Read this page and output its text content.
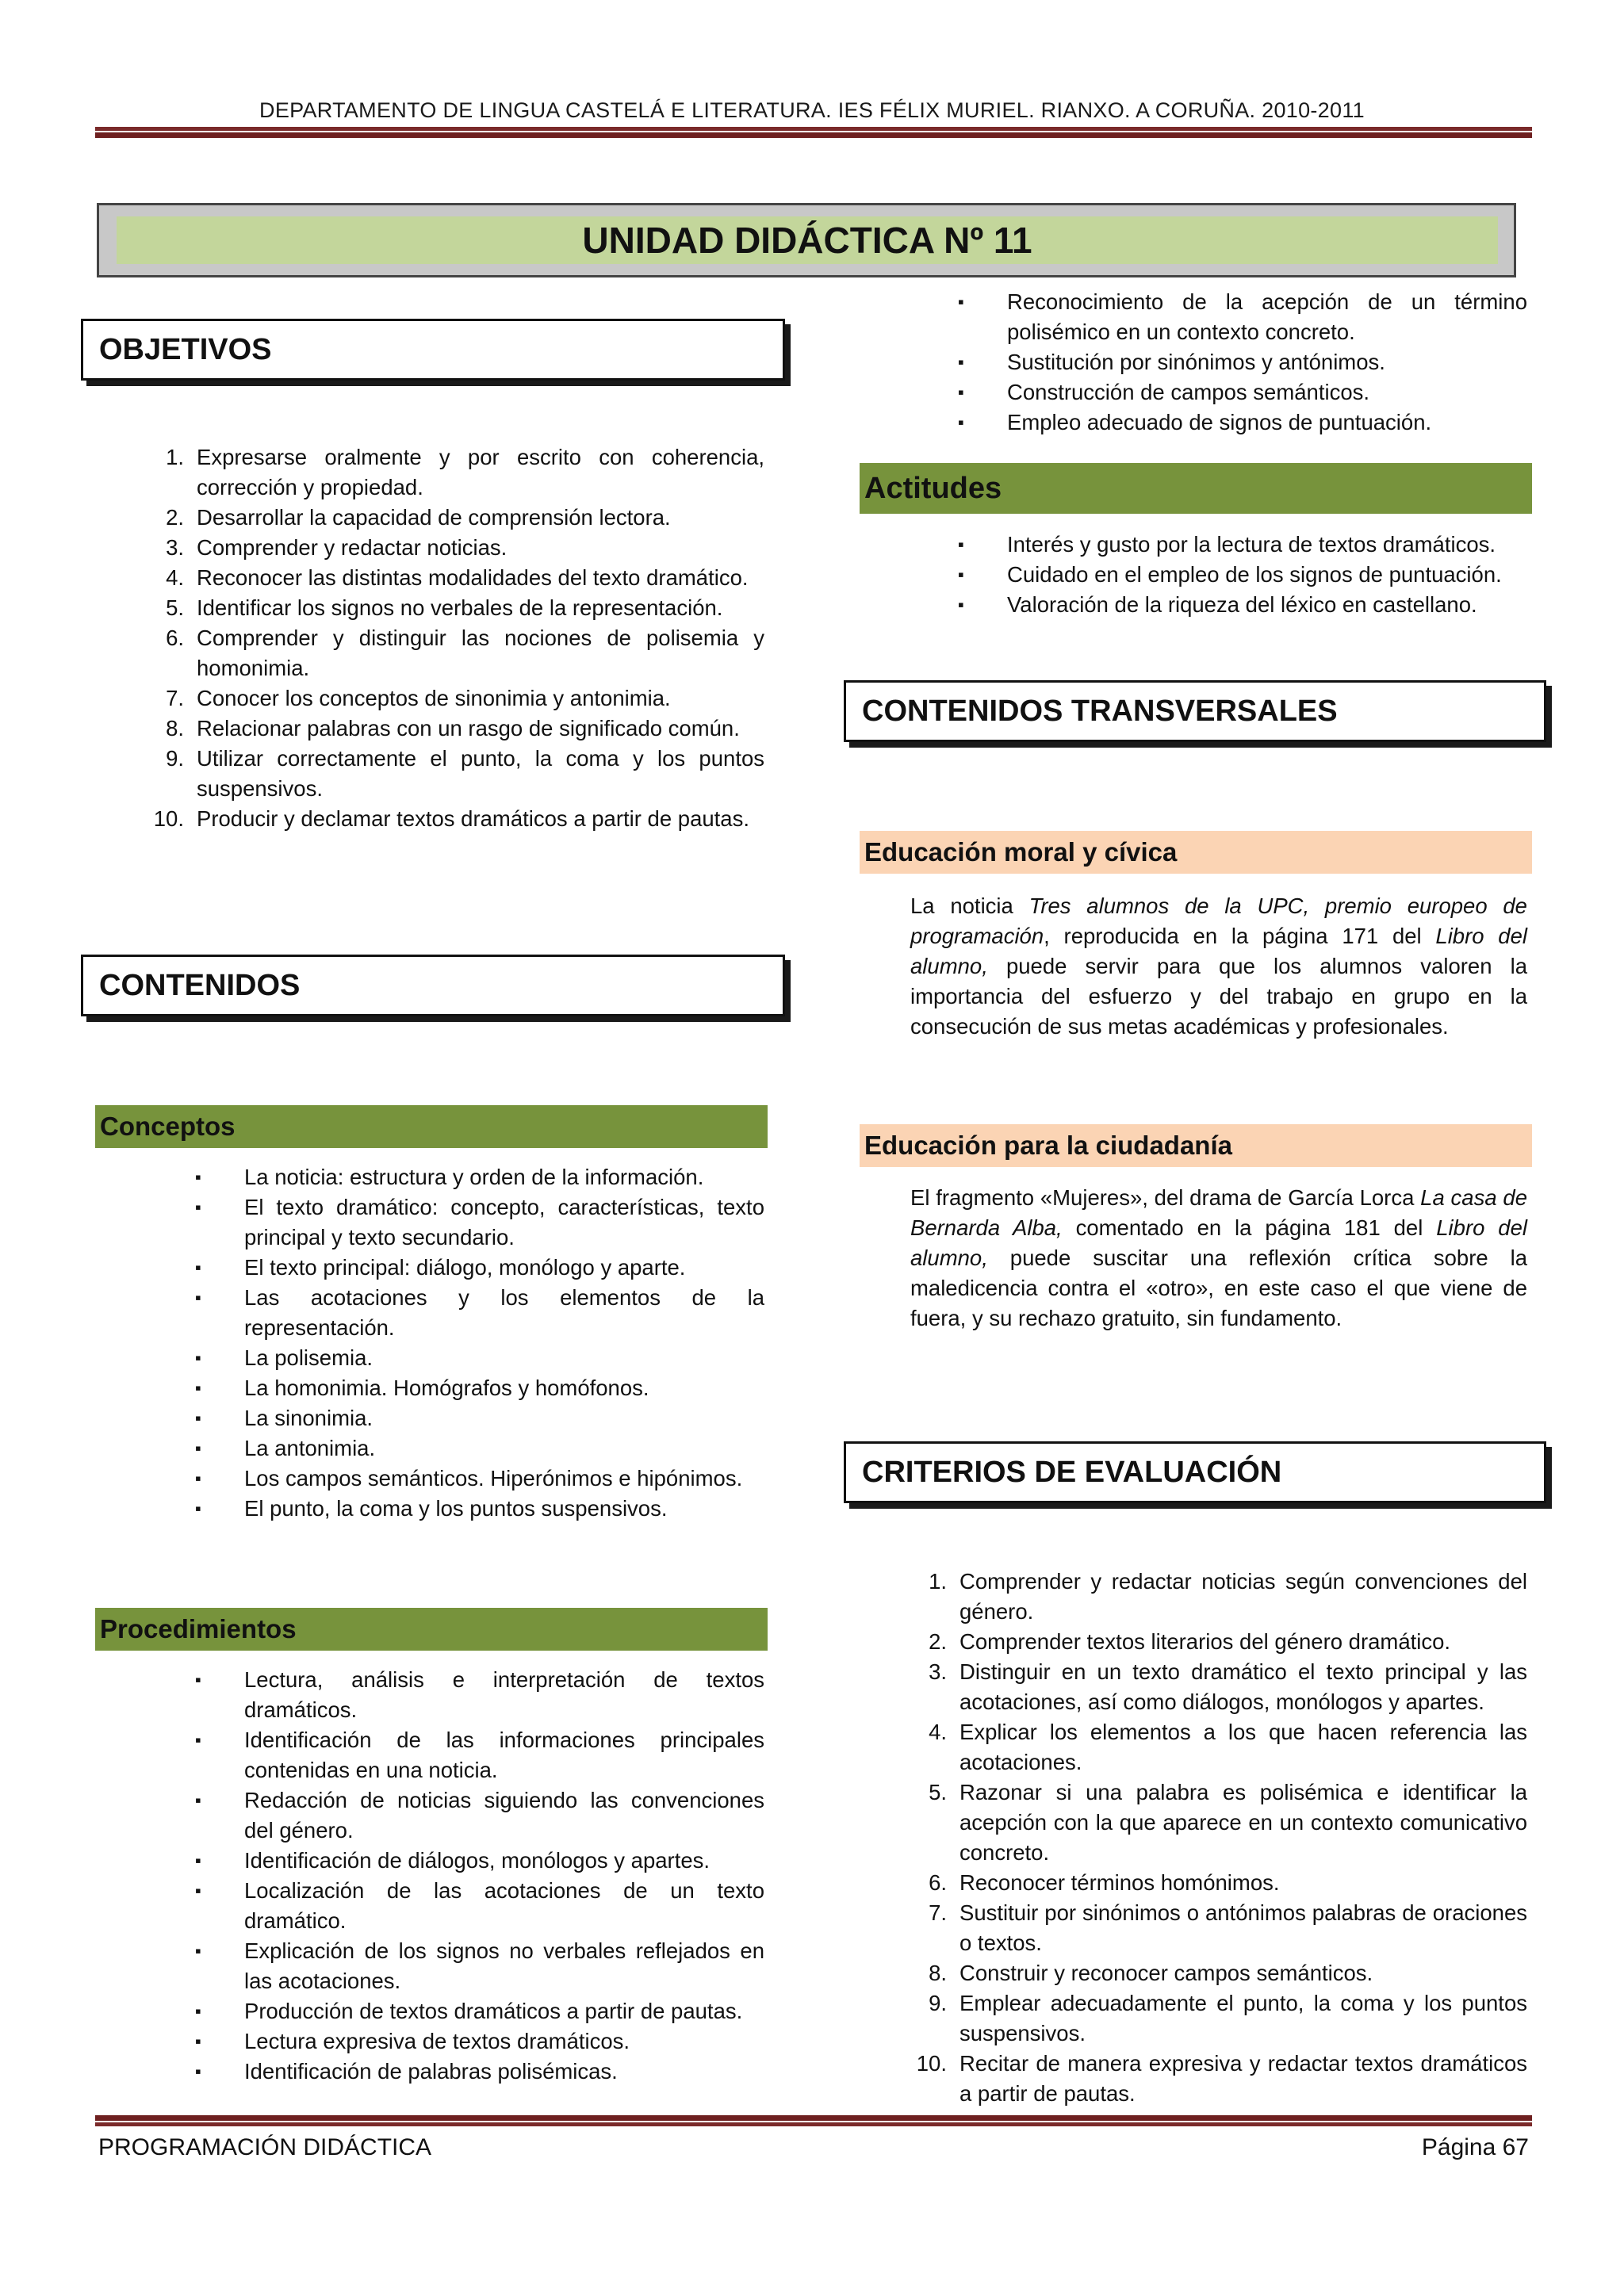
DEPARTAMENTO DE LINGUA CASTELÁ E LITERATURA. IES FÉLIX MURIEL. RIANXO. A CORUÑA. 2010-2011
UNIDAD DIDÁCTICA Nº 11
OBJETIVOS
1. Expresarse oralmente y por escrito con coherencia, corrección y propiedad.
2. Desarrollar la capacidad de comprensión lectora.
3. Comprender y redactar noticias.
4. Reconocer las distintas modalidades del texto dramático.
5. Identificar los signos no verbales de la representación.
6. Comprender y distinguir las nociones de polisemia y homonimia.
7. Conocer los conceptos de sinonimia y antonimia.
8. Relacionar palabras con un rasgo de significado común.
9. Utilizar correctamente el punto, la coma y los puntos suspensivos.
10. Producir y declamar textos dramáticos a partir de pautas.
CONTENIDOS
Conceptos
▪ La noticia: estructura y orden de la información.
▪ El texto dramático: concepto, características, texto principal y texto secundario.
▪ El texto principal: diálogo, monólogo y aparte.
▪ Las acotaciones y los elementos de la representación.
▪ La polisemia.
▪ La homonimia. Homógrafos y homófonos.
▪ La sinonimia.
▪ La antonimia.
▪ Los campos semánticos. Hiperónimos e hipónimos.
▪ El punto, la coma y los puntos suspensivos.
Procedimientos
▪ Lectura, análisis e interpretación de textos dramáticos.
▪ Identificación de las informaciones principales contenidas en una noticia.
▪ Redacción de noticias siguiendo las convenciones del género.
▪ Identificación de diálogos, monólogos y apartes.
▪ Localización de las acotaciones de un texto dramático.
▪ Explicación de los signos no verbales reflejados en las acotaciones.
▪ Producción de textos dramáticos a partir de pautas.
▪ Lectura expresiva de textos dramáticos.
▪ Identificación de palabras polisémicas.
▪ Reconocimiento de la acepción de un término polisémico en un contexto concreto.
▪ Sustitución por sinónimos y antónimos.
▪ Construcción de campos semánticos.
▪ Empleo adecuado de signos de puntuación.
Actitudes
▪ Interés y gusto por la lectura de textos dramáticos.
▪ Cuidado en el empleo de los signos de puntuación.
▪ Valoración de la riqueza del léxico en castellano.
CONTENIDOS TRANSVERSALES
Educación moral y cívica
La noticia Tres alumnos de la UPC, premio europeo de programación, reproducida en la página 171 del Libro del alumno, puede servir para que los alumnos valoren la importancia del esfuerzo y del trabajo en grupo en la consecución de sus metas académicas y profesionales.
Educación para la ciudadanía
El fragmento «Mujeres», del drama de García Lorca La casa de Bernarda Alba, comentado en la página 181 del Libro del alumno, puede suscitar una reflexión crítica sobre la maledicencia contra el «otro», en este caso el que viene de fuera, y su rechazo gratuito, sin fundamento.
CRITERIOS DE EVALUACIÓN
1. Comprender y redactar noticias según convenciones del género.
2. Comprender textos literarios del género dramático.
3. Distinguir en un texto dramático el texto principal y las acotaciones, así como diálogos, monólogos y apartes.
4. Explicar los elementos a los que hacen referencia las acotaciones.
5. Razonar si una palabra es polisémica e identificar la acepción con la que aparece en un contexto comunicativo concreto.
6. Reconocer términos homónimos.
7. Sustituir por sinónimos o antónimos palabras de oraciones o textos.
8. Construir y reconocer campos semánticos.
9. Emplear adecuadamente el punto, la coma y los puntos suspensivos.
10. Recitar de manera expresiva y redactar textos dramáticos a partir de pautas.
PROGRAMACIÓN DIDÁCTICA	Página 67
